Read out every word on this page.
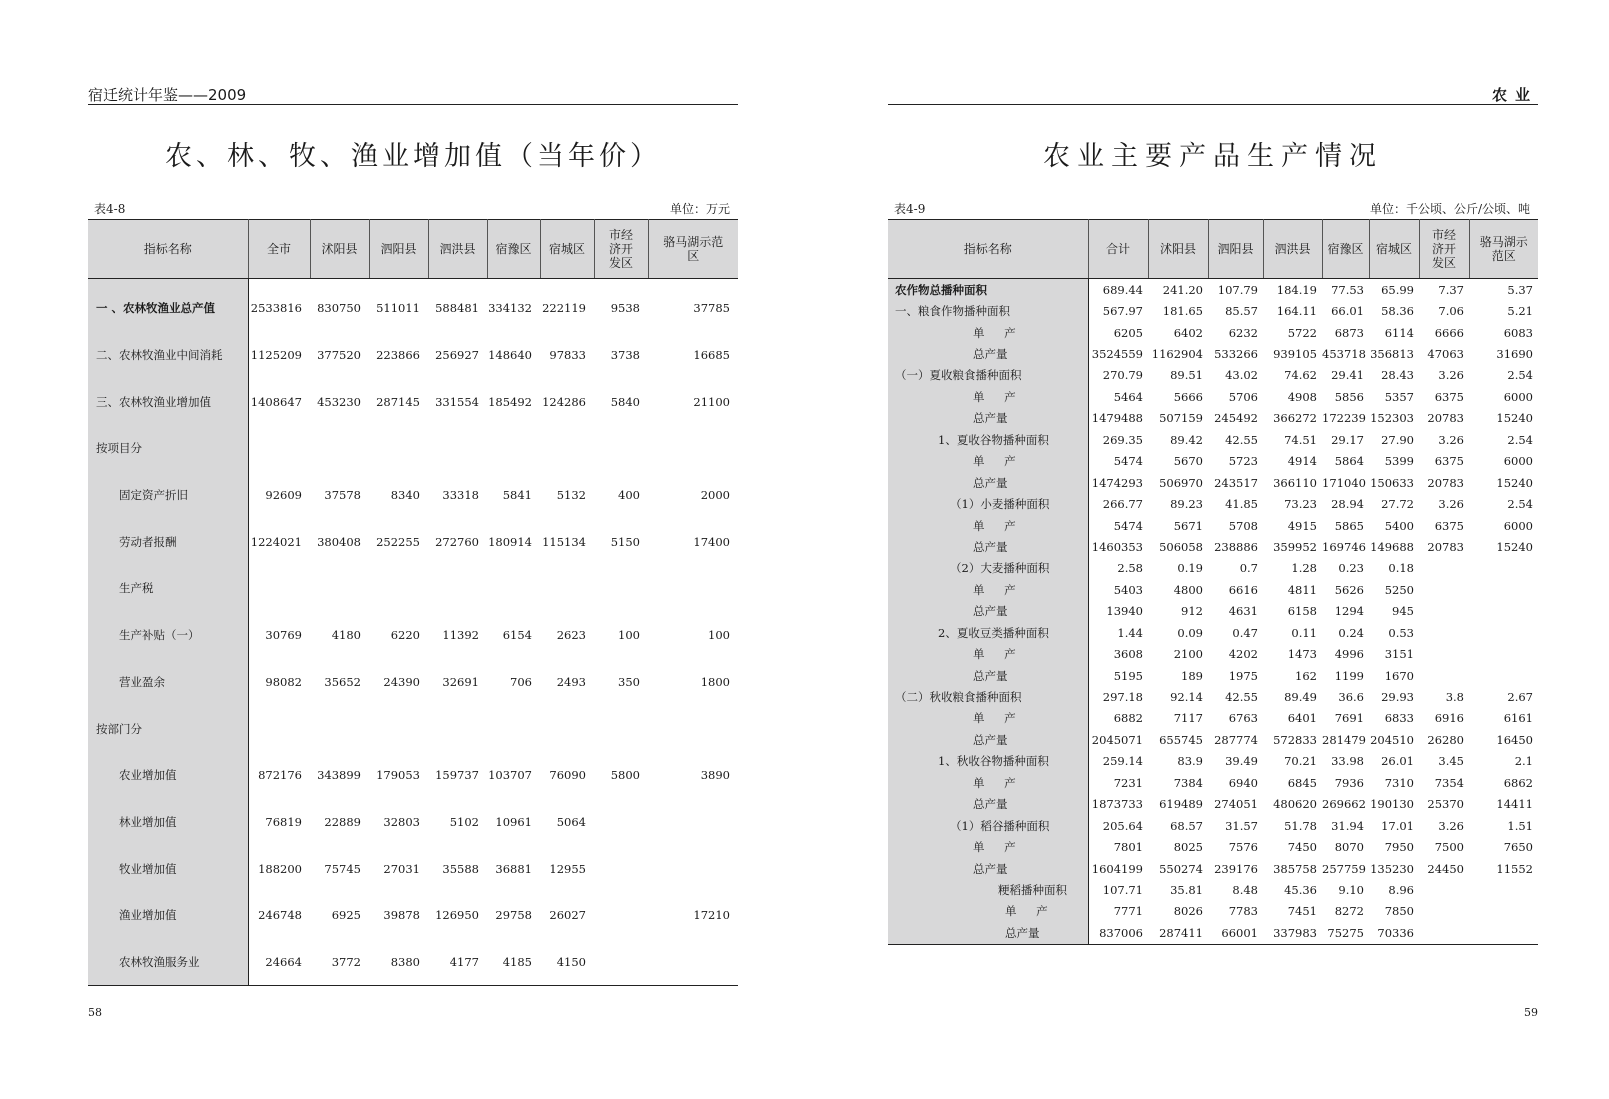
宿迁统计年鉴——2009
农、林、牧、渔业增加值（当年价）
表4-8	单位：万元
指标名称	全市	沭阳县	泗阳县	泗洪县	宿豫区	宿城区	市经济开发区	骆马湖示范区
一 、农林牧渔业总产值	2533816	830750	511011	588481	334132	222119	9538	37785
二、农林牧渔业中间消耗	1125209	377520	223866	256927	148640	97833	3738	16685
三、农林牧渔业增加值	1408647	453230	287145	331554	185492	124286	5840	21100
按项目分								
固定资产折旧	92609	37578	8340	33318	5841	5132	400	2000
劳动者报酬	1224021	380408	252255	272760	180914	115134	5150	17400
生产税								
生产补贴（一）	30769	4180	6220	11392	6154	2623	100	100
营业盈余	98082	35652	24390	32691	706	2493	350	1800
按部门分								
农业增加值	872176	343899	179053	159737	103707	76090	5800	3890
林业增加值	76819	22889	32803	5102	10961	5064		
牧业增加值	188200	75745	27031	35588	36881	12955		
渔业增加值	246748	6925	39878	126950	29758	26027		17210
农林牧渔服务业	24664	3772	8380	4177	4185	4150		
58
农业
农业主要产品生产情况
表4-9	单位：千公顷、公斤/公顷、吨
指标名称	合计	沭阳县	泗阳县	泗洪县	宿豫区	宿城区	市经济开发区	骆马湖示范区
农作物总播种面积	689.44	241.20	107.79	184.19	77.53	65.99	7.37	5.37
一、粮食作物播种面积	567.97	181.65	85.57	164.11	66.01	58.36	7.06	5.21
单 产	6205	6402	6232	5722	6873	6114	6666	6083
总产量	3524559	1162904	533266	939105	453718	356813	47063	31690
（一）夏收粮食播种面积	270.79	89.51	43.02	74.62	29.41	28.43	3.26	2.54
单 产	5464	5666	5706	4908	5856	5357	6375	6000
总产量	1479488	507159	245492	366272	172239	152303	20783	15240
1、夏收谷物播种面积	269.35	89.42	42.55	74.51	29.17	27.90	3.26	2.54
单 产	5474	5670	5723	4914	5864	5399	6375	6000
总产量	1474293	506970	243517	366110	171040	150633	20783	15240
（1）小麦播种面积	266.77	89.23	41.85	73.23	28.94	27.72	3.26	2.54
单 产	5474	5671	5708	4915	5865	5400	6375	6000
总产量	1460353	506058	238886	359952	169746	149688	20783	15240
（2）大麦播种面积	2.58	0.19	0.7	1.28	0.23	0.18		
单 产	5403	4800	6616	4811	5626	5250		
总产量	13940	912	4631	6158	1294	945		
2、夏收豆类播种面积	1.44	0.09	0.47	0.11	0.24	0.53		
单 产	3608	2100	4202	1473	4996	3151		
总产量	5195	189	1975	162	1199	1670		
（二）秋收粮食播种面积	297.18	92.14	42.55	89.49	36.6	29.93	3.8	2.67
单 产	6882	7117	6763	6401	7691	6833	6916	6161
总产量	2045071	655745	287774	572833	281479	204510	26280	16450
1、秋收谷物播种面积	259.14	83.9	39.49	70.21	33.98	26.01	3.45	2.1
单 产	7231	7384	6940	6845	7936	7310	7354	6862
总产量	1873733	619489	274051	480620	269662	190130	25370	14411
（1）稻谷播种面积	205.64	68.57	31.57	51.78	31.94	17.01	3.26	1.51
单 产	7801	8025	7576	7450	8070	7950	7500	7650
总产量	1604199	550274	239176	385758	257759	135230	24450	11552
粳稻播种面积	107.71	35.81	8.48	45.36	9.10	8.96		
单 产	7771	8026	7783	7451	8272	7850		
总产量	837006	287411	66001	337983	75275	70336		
59
